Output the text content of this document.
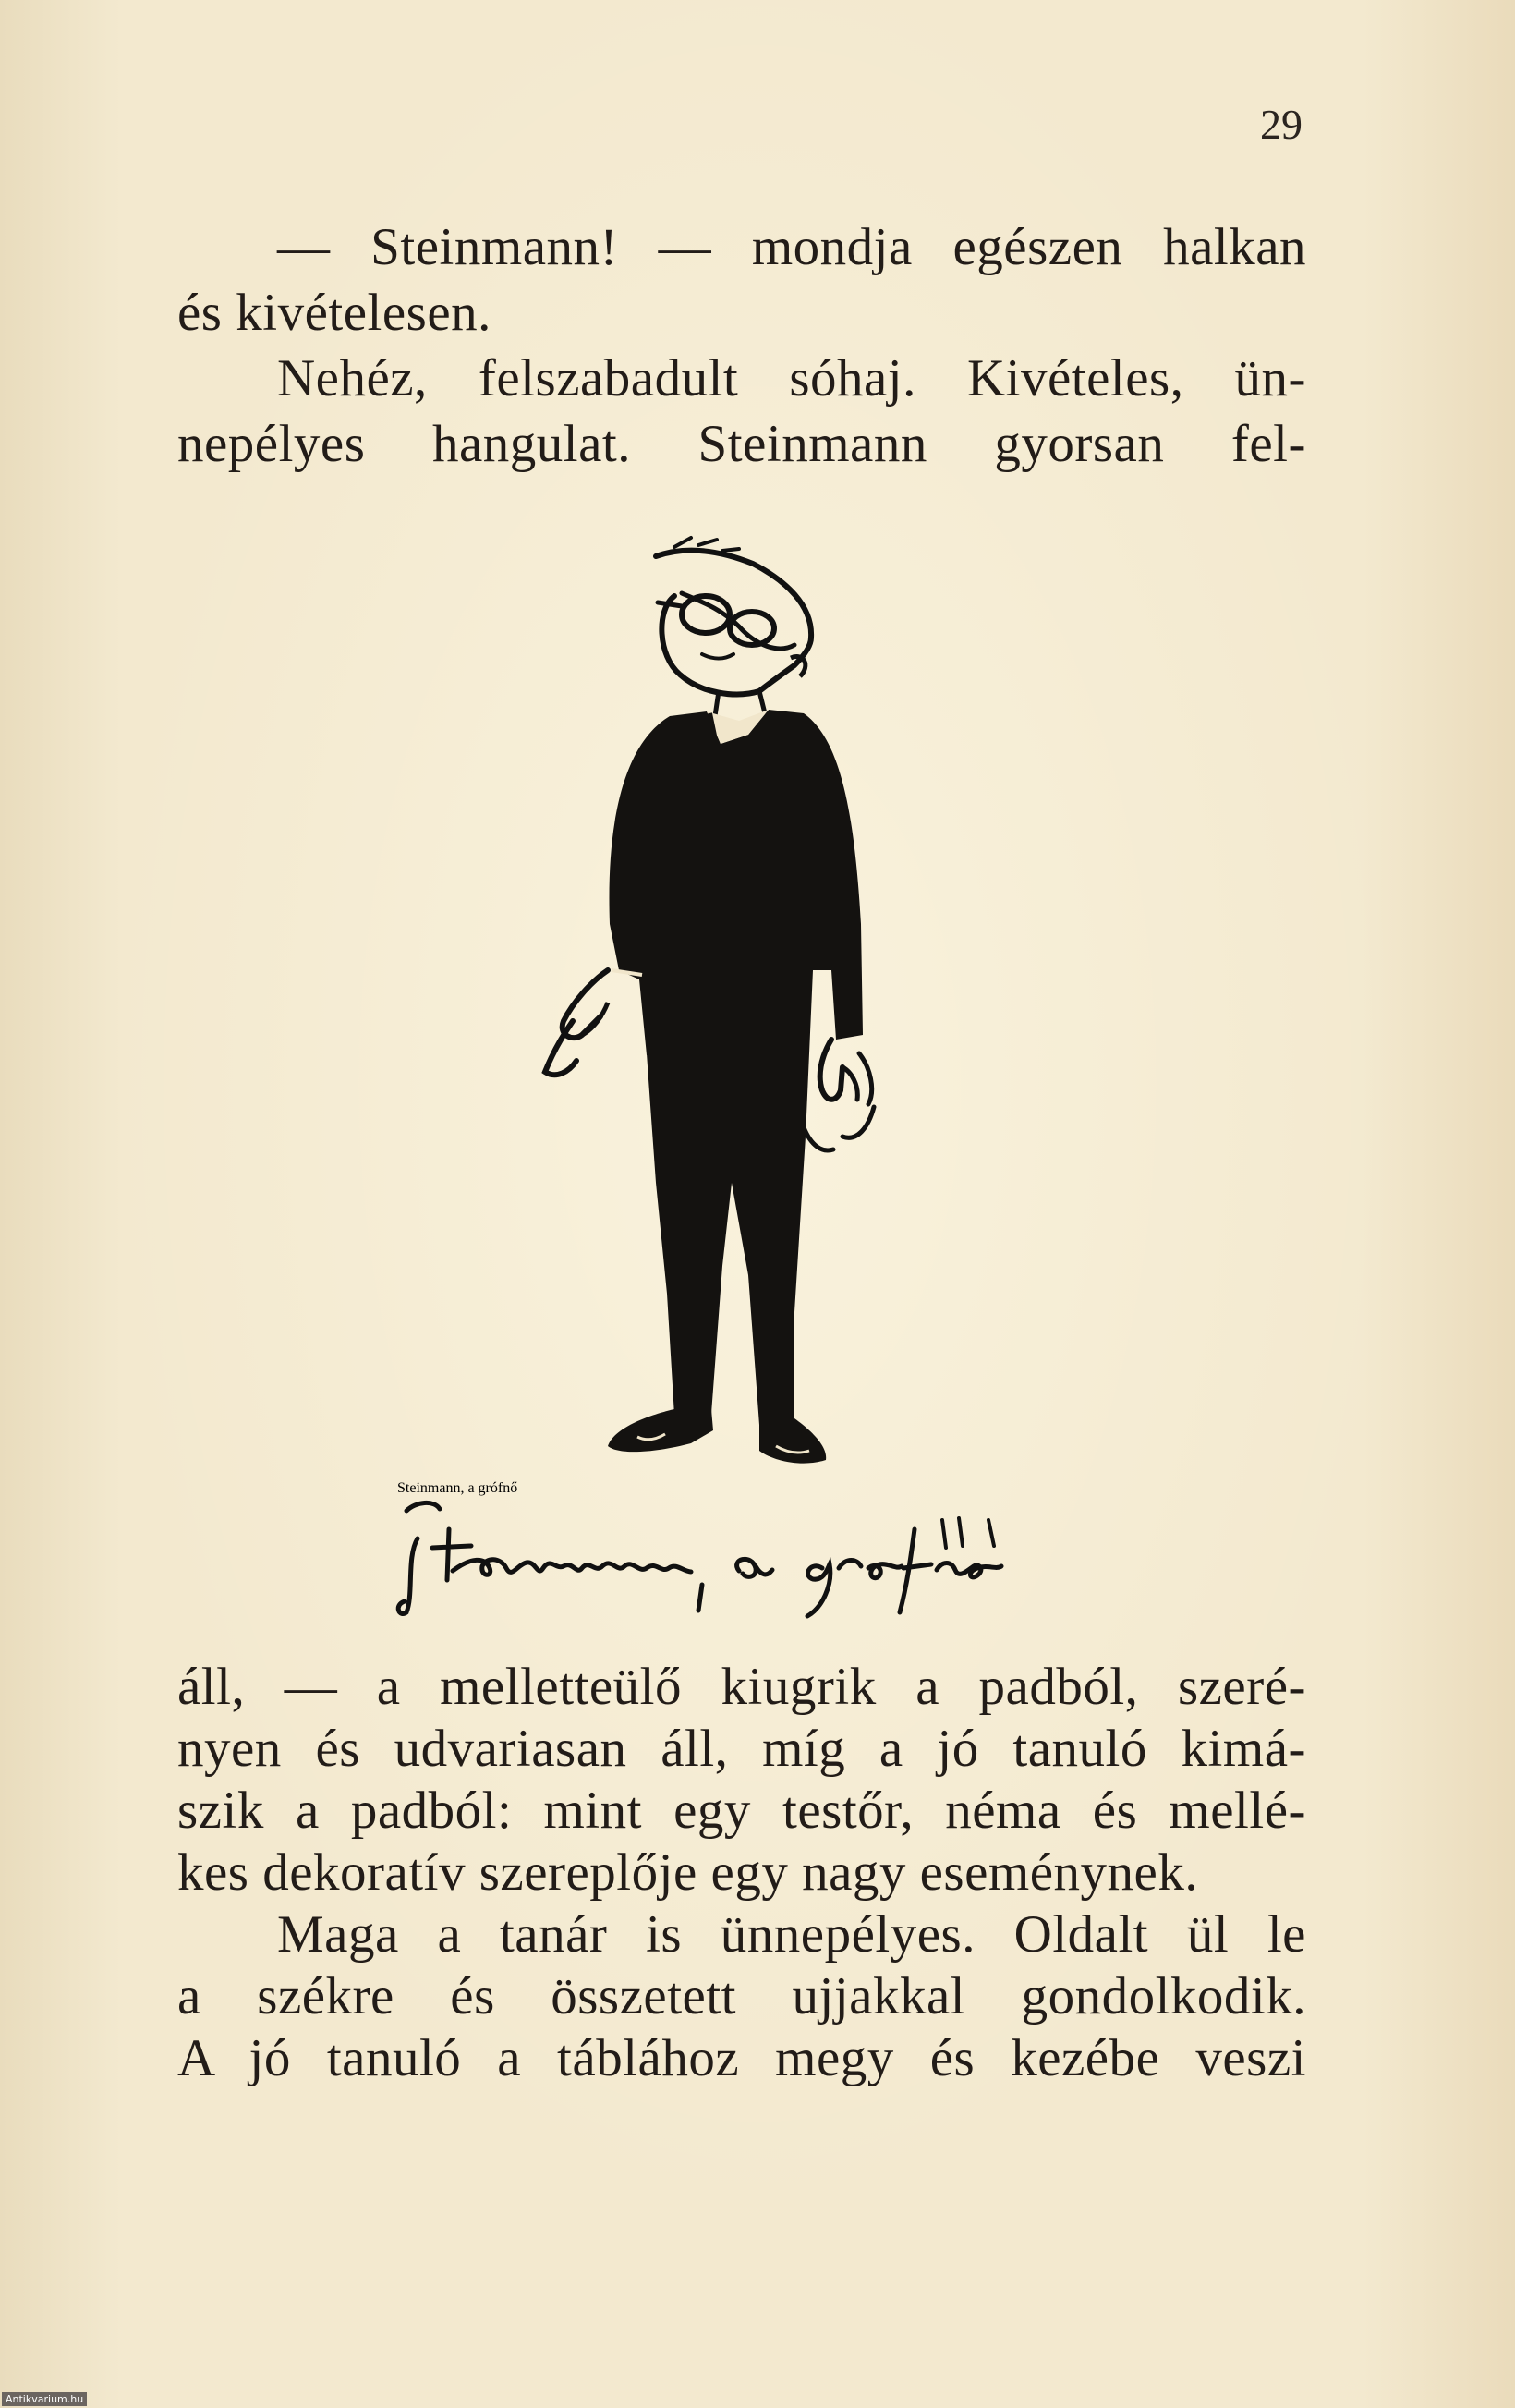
29
— Steinmann! — mondja egészen halkan
és kivételesen.
Nehéz, felszabadult sóhaj. Kivételes, ün-
nepélyes hangulat. Steinmann gyorsan fel-
Steinmann, a grófnő
áll, — a melletteülő kiugrik a padból, szeré-
nyen és udvariasan áll, míg a jó tanuló kimá-
szik a padból: mint egy testőr, néma és mellé-
kes dekoratív szereplője egy nagy eseménynek.
Maga a tanár is ünnepélyes. Oldalt ül le
a székre és összetett ujjakkal gondolkodik.
A jó tanuló a táblához megy és kezébe veszi
Antikvarium.hu
